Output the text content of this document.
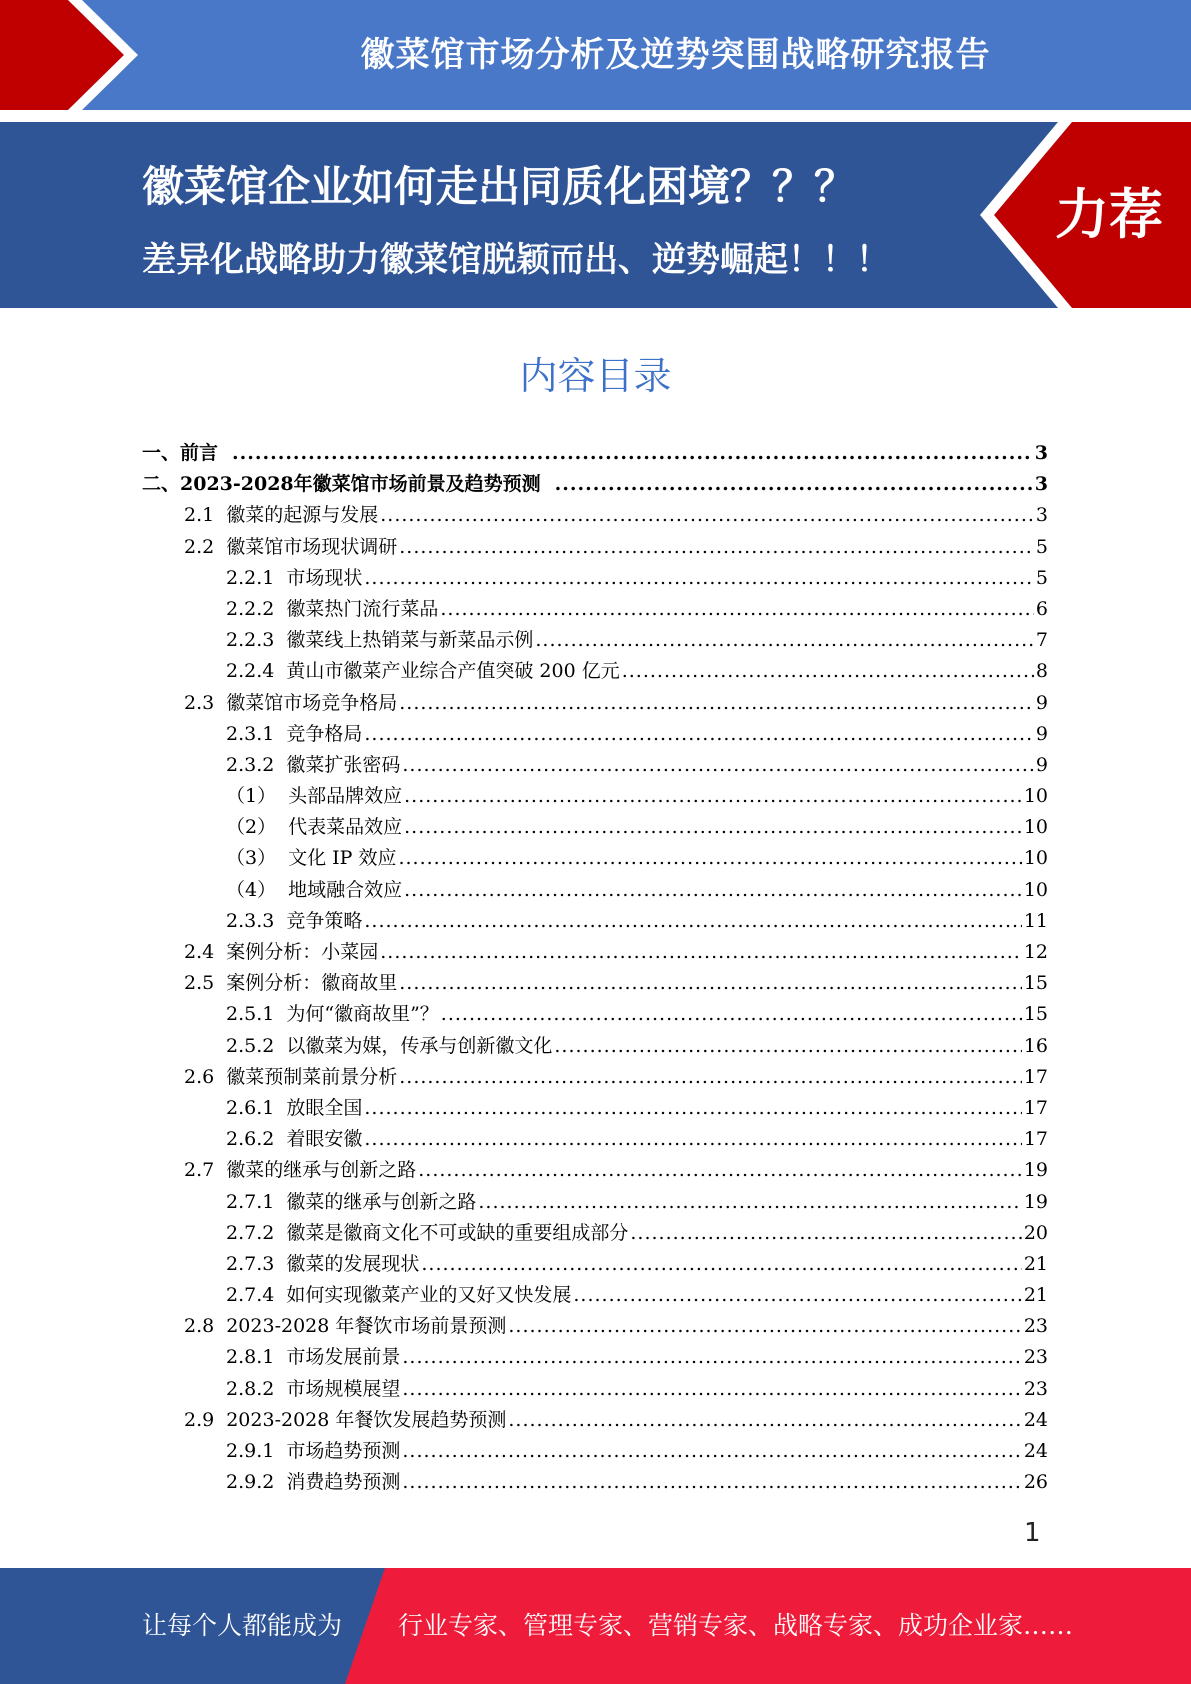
徽菜馆市场分析及逆势突围战略研究报告
徽菜馆企业如何走出同质化困境？？？
差异化战略助力徽菜馆脱颖而出、逆势崛起！！！
力荐
内容目录
一、前言 .....	3
二、2023-2028年徽菜馆市场前景及趋势预测 .....	3
2.1 徽菜的起源与发展 .....	3
2.2 徽菜馆市场现状调研 .....	5
2.2.1 市场现状 .....	5
2.2.2 徽菜热门流行菜品 .....	6
2.2.3 徽菜线上热销菜与新菜品示例 .....	7
2.2.4 黄山市徽菜产业综合产值突破 200 亿元 .....	8
2.3 徽菜馆市场竞争格局 .....	9
2.3.1 竞争格局 .....	9
2.3.2 徽菜扩张密码 .....	9
（1） 头部品牌效应 .....	10
（2） 代表菜品效应 .....	10
（3） 文化 IP 效应 .....	10
（4） 地域融合效应 .....	10
2.3.3 竞争策略 .....	11
2.4 案例分析：小菜园 .....	12
2.5 案例分析：徽商故里 .....	15
2.5.1 为何“徽商故里”？ .....	15
2.5.2 以徽菜为媒，传承与创新徽文化 .....	16
2.6 徽菜预制菜前景分析 .....	17
2.6.1 放眼全国 .....	17
2.6.2 着眼安徽 .....	17
2.7 徽菜的继承与创新之路 .....	19
2.7.1 徽菜的继承与创新之路 .....	19
2.7.2 徽菜是徽商文化不可或缺的重要组成部分 .....	20
2.7.3 徽菜的发展现状 .....	21
2.7.4 如何实现徽菜产业的又好又快发展 .....	21
2.8 2023-2028 年餐饮市场前景预测 .....	23
2.8.1 市场发展前景 .....	23
2.8.2 市场规模展望 .....	23
2.9 2023-2028 年餐饮发展趋势预测 .....	24
2.9.1 市场趋势预测 .....	24
2.9.2 消费趋势预测 .....	26
1
让每个人都能成为 行业专家、管理专家、营销专家、战略专家、成功企业家……
